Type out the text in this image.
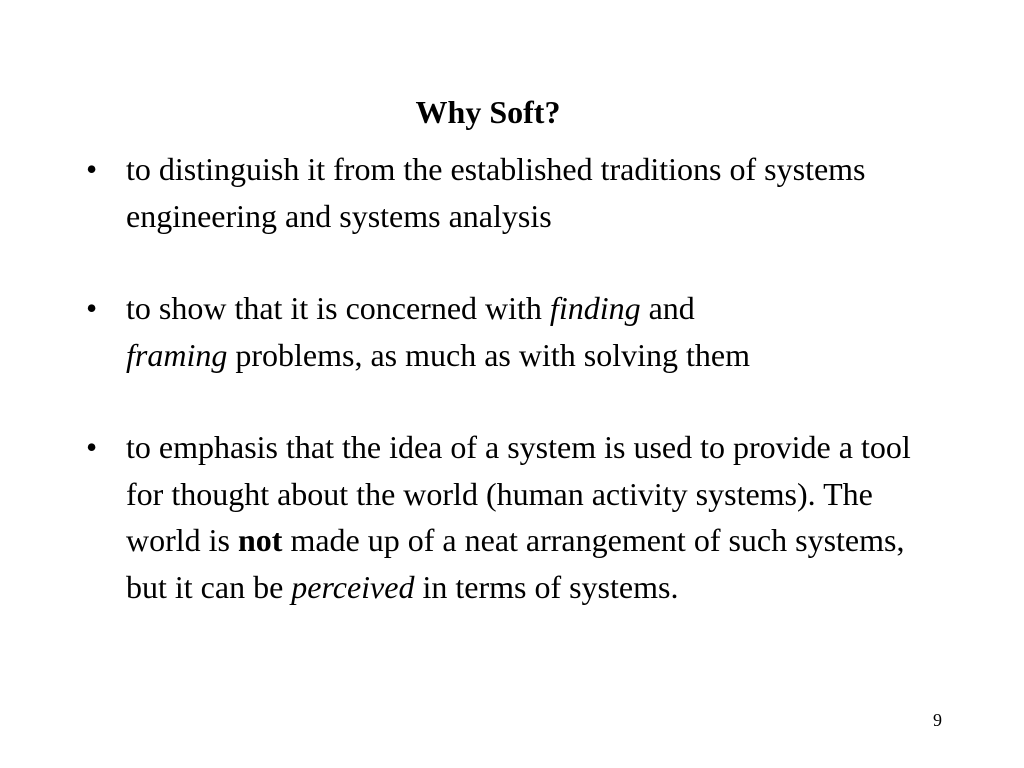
Why Soft?
• to distinguish it from the established traditions of systems engineering and systems analysis
• to show that it is concerned with finding and
framing problems, as much as with solving them
• to emphasis that the idea of a system is used to provide a tool for thought about the world (human activity systems). The world is not made up of a neat arrangement of such systems, but it can be perceived in terms of systems.
9
